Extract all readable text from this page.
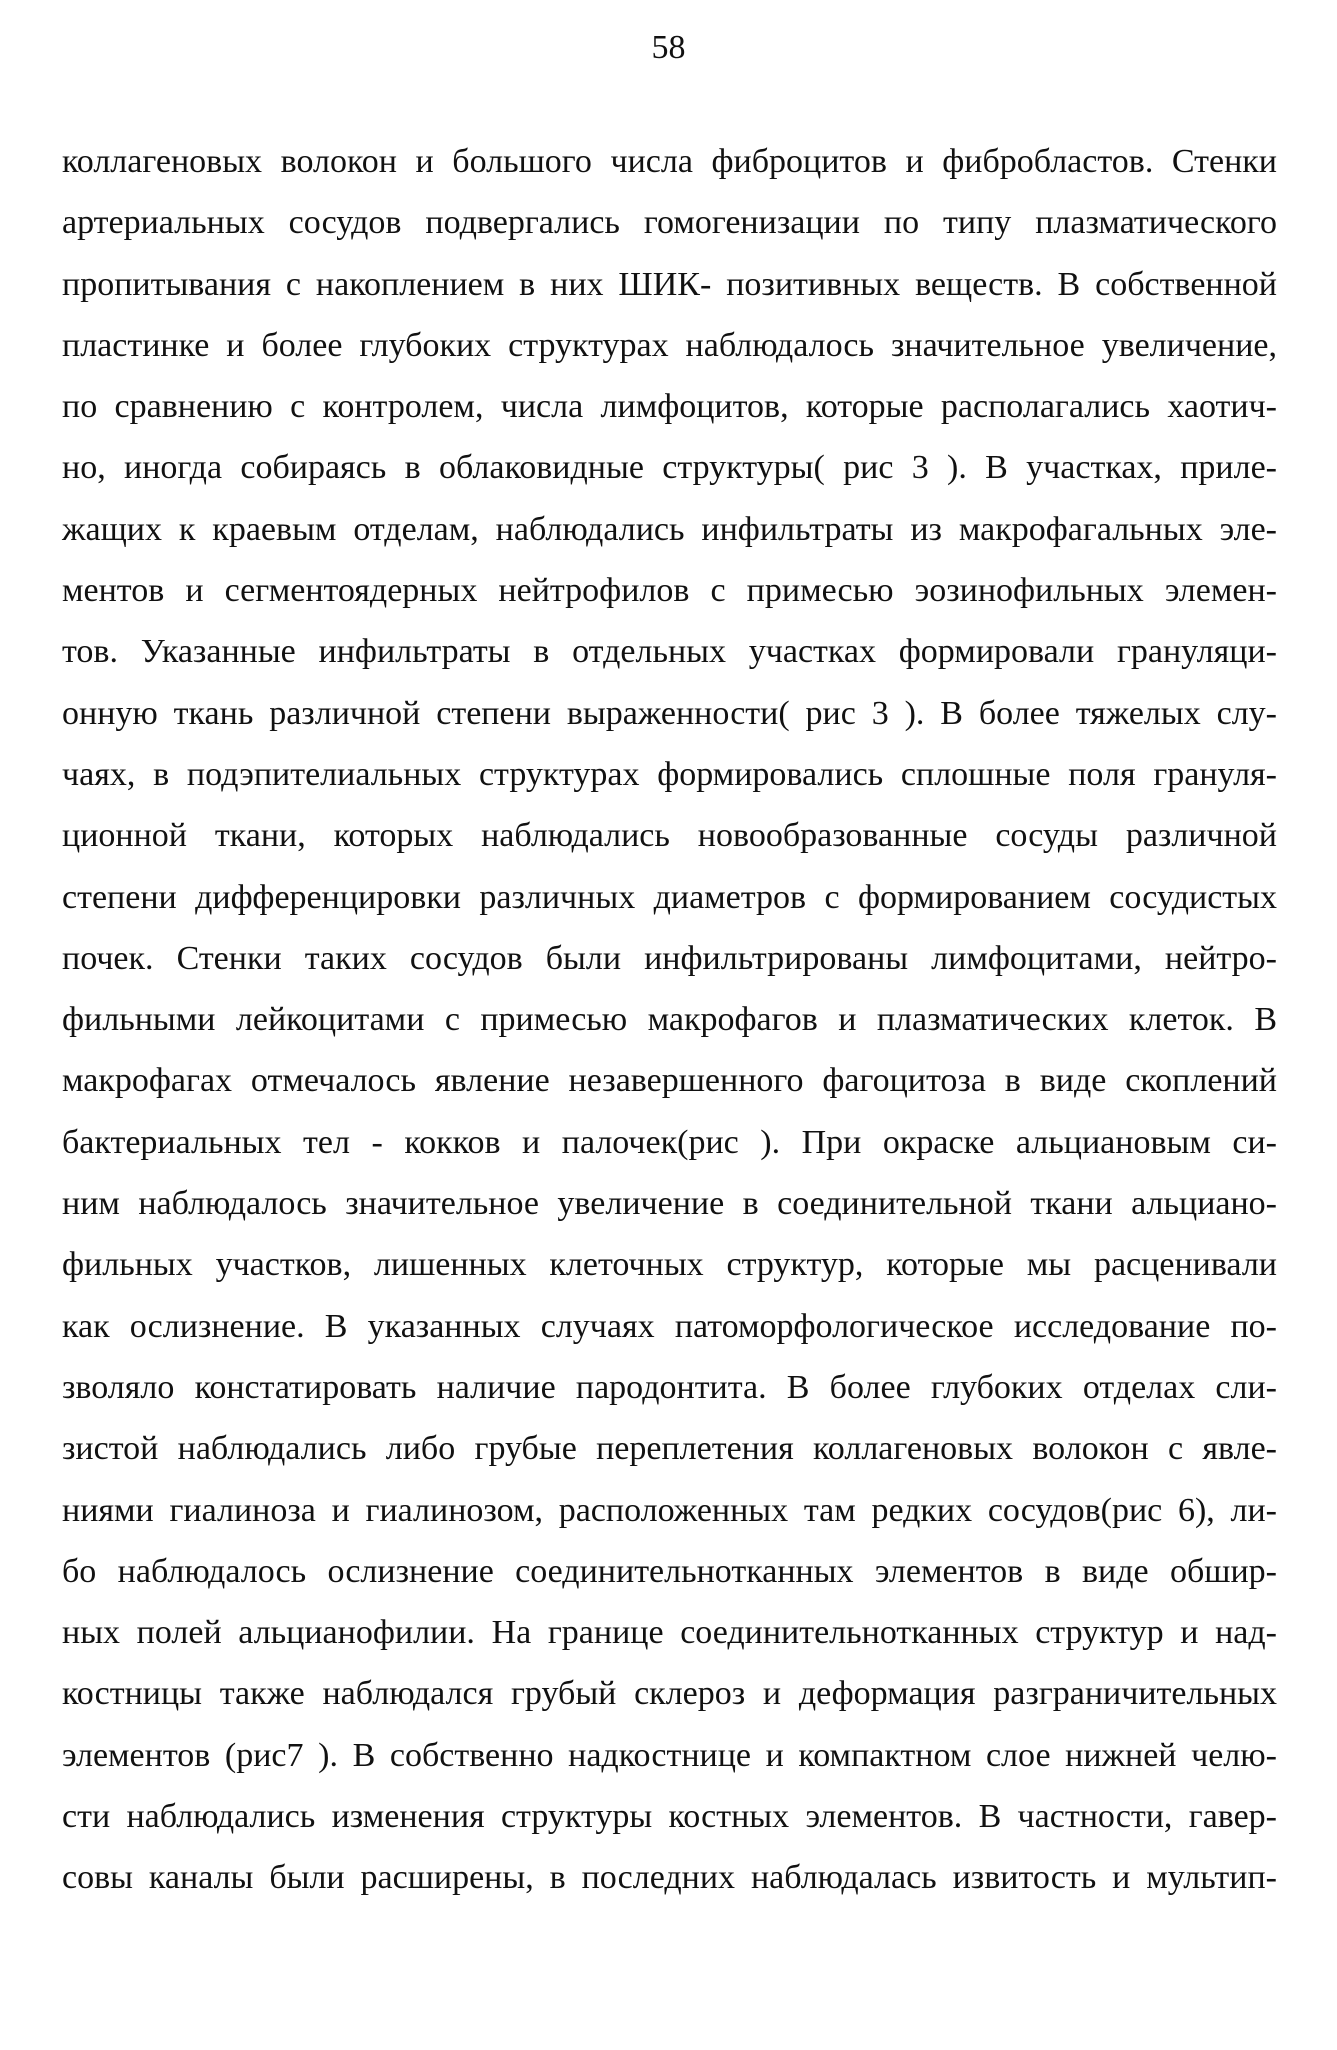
58
коллагеновых волокон и большого числа фиброцитов и фибробластов. Стенки
артериальных сосудов подвергались гомогенизации по типу плазматического
пропитывания с накоплением в них ШИК- позитивных веществ. В собственной
пластинке и более глубоких структурах наблюдалось значительное увеличение,
по сравнению с контролем, числа лимфоцитов, которые располагались хаотич-
но, иногда собираясь в облаковидные структуры( рис 3 ). В участках, приле-
жащих к краевым отделам, наблюдались инфильтраты из макрофагальных эле-
ментов и сегментоядерных нейтрофилов с примесью эозинофильных элемен-
тов. Указанные инфильтраты в отдельных участках формировали грануляци-
онную ткань различной степени выраженности( рис 3 ). В более тяжелых слу-
чаях, в подэпителиальных структурах формировались сплошные поля грануля-
ционной ткани, которых наблюдались новообразованные сосуды различной
степени дифференцировки различных диаметров с формированием сосудистых
почек. Стенки таких сосудов были инфильтрированы лимфоцитами, нейтро-
фильными лейкоцитами с примесью макрофагов и плазматических клеток. В
макрофагах отмечалось явление незавершенного фагоцитоза в виде скоплений
бактериальных тел - кокков и палочек(рис ). При окраске альциановым си-
ним наблюдалось значительное увеличение в соединительной ткани альциано-
фильных участков, лишенных клеточных структур, которые мы расценивали
как ослизнение. В указанных случаях патоморфологическое исследование по-
зволяло констатировать наличие пародонтита. В более глубоких отделах сли-
зистой наблюдались либо грубые переплетения коллагеновых волокон с явле-
ниями гиалиноза и гиалинозом, расположенных там редких сосудов(рис 6), ли-
бо наблюдалось ослизнение соединительнотканных элементов в виде обшир-
ных полей альцианофилии. На границе соединительнотканных структур и над-
костницы также наблюдался грубый склероз и деформация разграничительных
элементов (рис7 ). В собственно надкостнице и компактном слое нижней челю-
сти наблюдались изменения структуры костных элементов. В частности, гавер-
совы каналы были расширены, в последних наблюдалась извитость и мультип-
